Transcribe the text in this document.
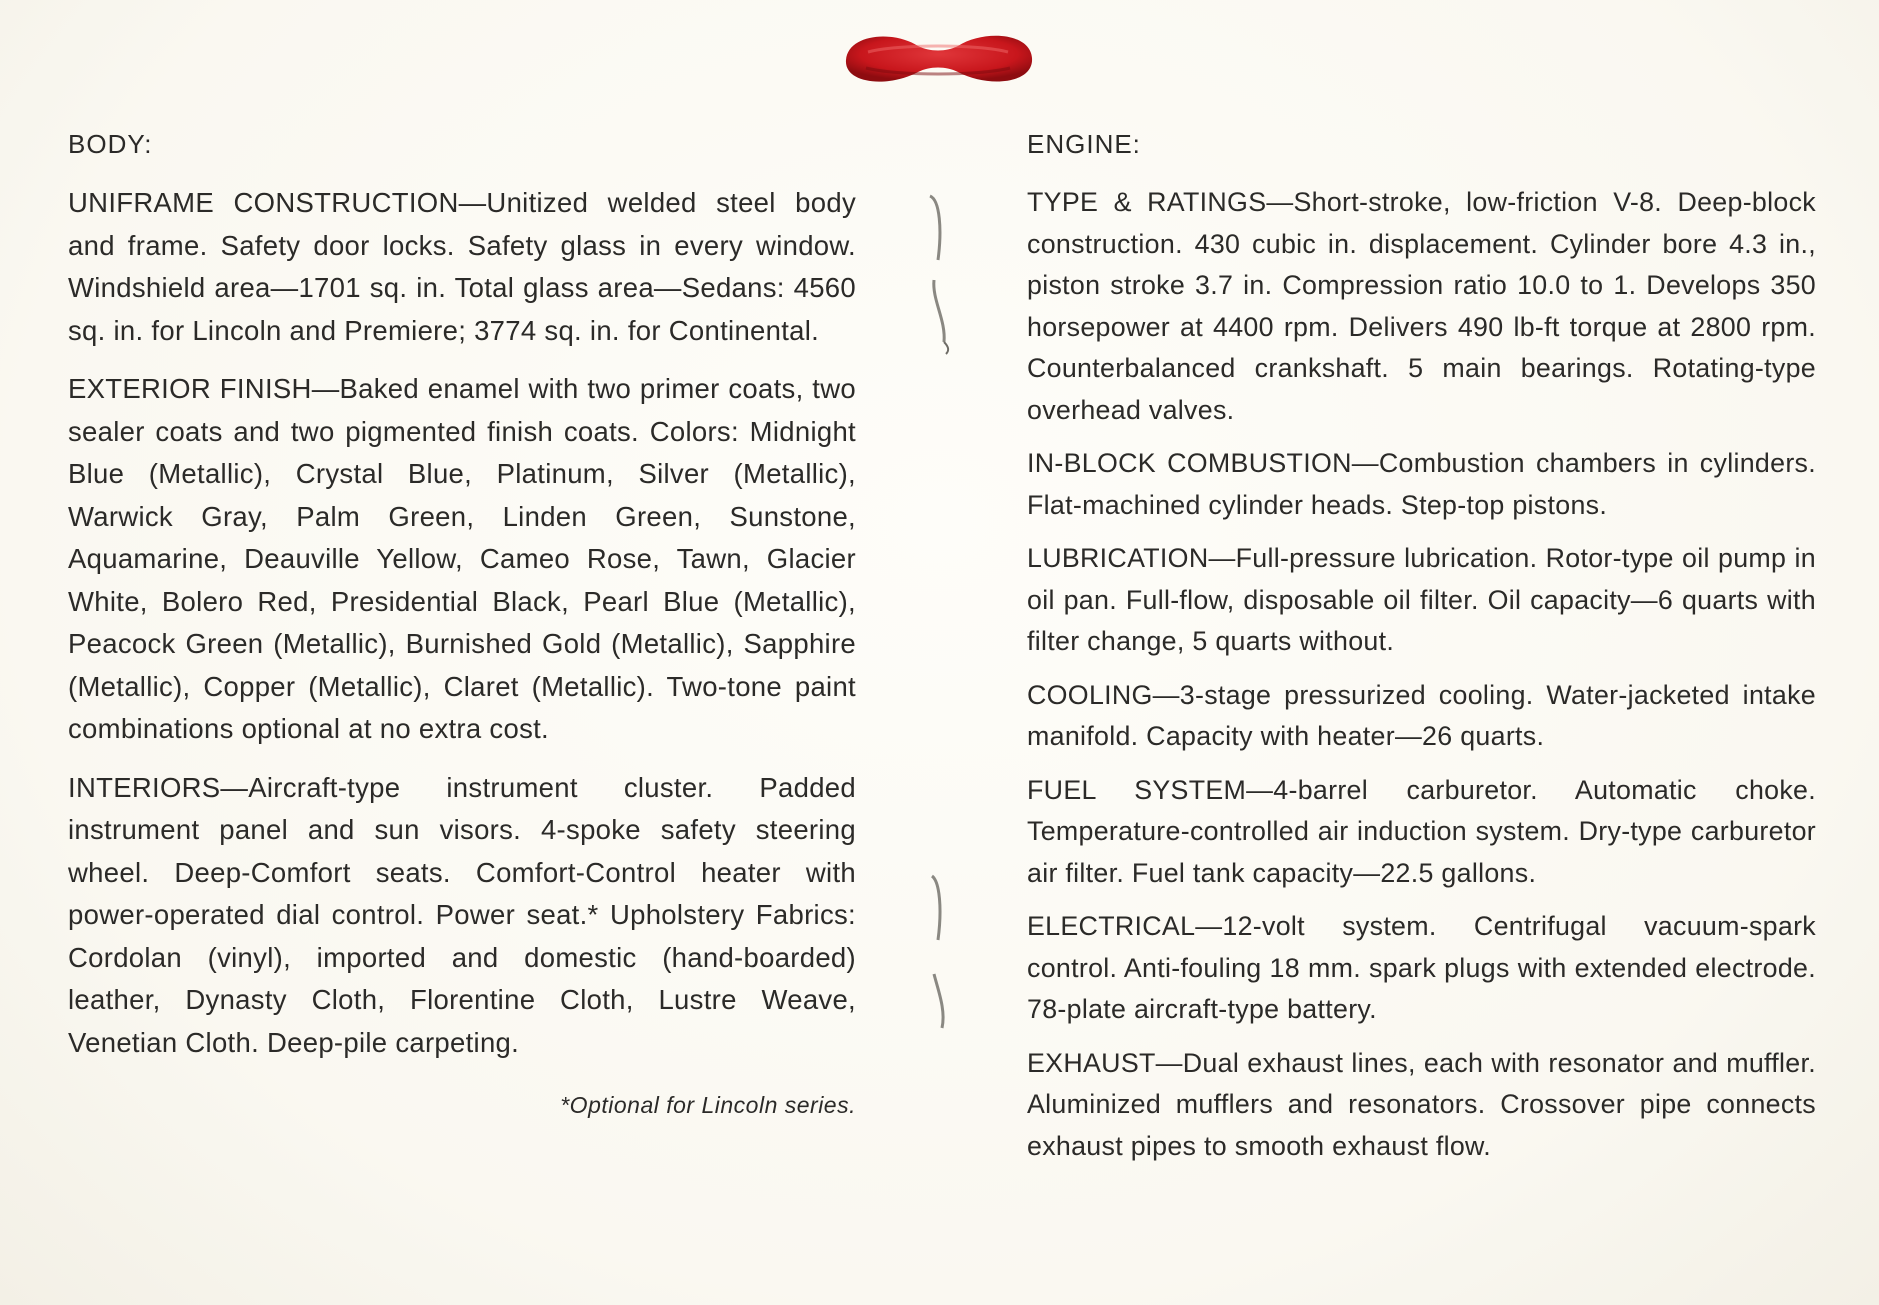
BODY:

UNIFRAME CONSTRUCTION—Unitized welded steel body and frame. Safety door locks. Safety glass in every window. Windshield area—1701 sq. in. Total glass area—Sedans: 4560 sq. in. for Lincoln and Premiere; 3774 sq. in. for Continental.

EXTERIOR FINISH—Baked enamel with two primer coats, two sealer coats and two pigmented finish coats. Colors: Midnight Blue (Metallic), Crystal Blue, Platinum, Silver (Metallic), Warwick Gray, Palm Green, Linden Green, Sunstone, Aquamarine, Deauville Yellow, Cameo Rose, Tawn, Glacier White, Bolero Red, Presidential Black, Pearl Blue (Metallic), Peacock Green (Metallic), Burnished Gold (Metallic), Sapphire (Metallic), Copper (Metallic), Claret (Metallic). Two-tone paint combinations optional at no extra cost.

INTERIORS—Aircraft-type instrument cluster. Padded instrument panel and sun visors. 4-spoke safety steering wheel. Deep-Comfort seats. Comfort-Control heater with power-operated dial control. Power seat.* Upholstery Fabrics: Cordolan (vinyl), imported and domestic (hand-boarded) leather, Dynasty Cloth, Florentine Cloth, Lustre Weave, Venetian Cloth. Deep-pile carpeting.

*Optional for Lincoln series.
ENGINE:

TYPE & RATINGS—Short-stroke, low-friction V-8. Deep-block construction. 430 cubic in. displacement. Cylinder bore 4.3 in., piston stroke 3.7 in. Compression ratio 10.0 to 1. Develops 350 horsepower at 4400 rpm. Delivers 490 lb-ft torque at 2800 rpm. Counterbalanced crankshaft. 5 main bearings. Rotating-type overhead valves.

IN-BLOCK COMBUSTION—Combustion chambers in cylinders. Flat-machined cylinder heads. Step-top pistons.

LUBRICATION—Full-pressure lubrication. Rotor-type oil pump in oil pan. Full-flow, disposable oil filter. Oil capacity—6 quarts with filter change, 5 quarts without.

COOLING—3-stage pressurized cooling. Water-jacketed intake manifold. Capacity with heater—26 quarts.

FUEL SYSTEM—4-barrel carburetor. Automatic choke. Temperature-controlled air induction system. Dry-type carburetor air filter. Fuel tank capacity—22.5 gallons.

ELECTRICAL—12-volt system. Centrifugal vacuum-spark control. Anti-fouling 18 mm. spark plugs with extended electrode. 78-plate aircraft-type battery.

EXHAUST—Dual exhaust lines, each with resonator and muffler. Aluminized mufflers and resonators. Crossover pipe connects exhaust pipes to smooth exhaust flow.
